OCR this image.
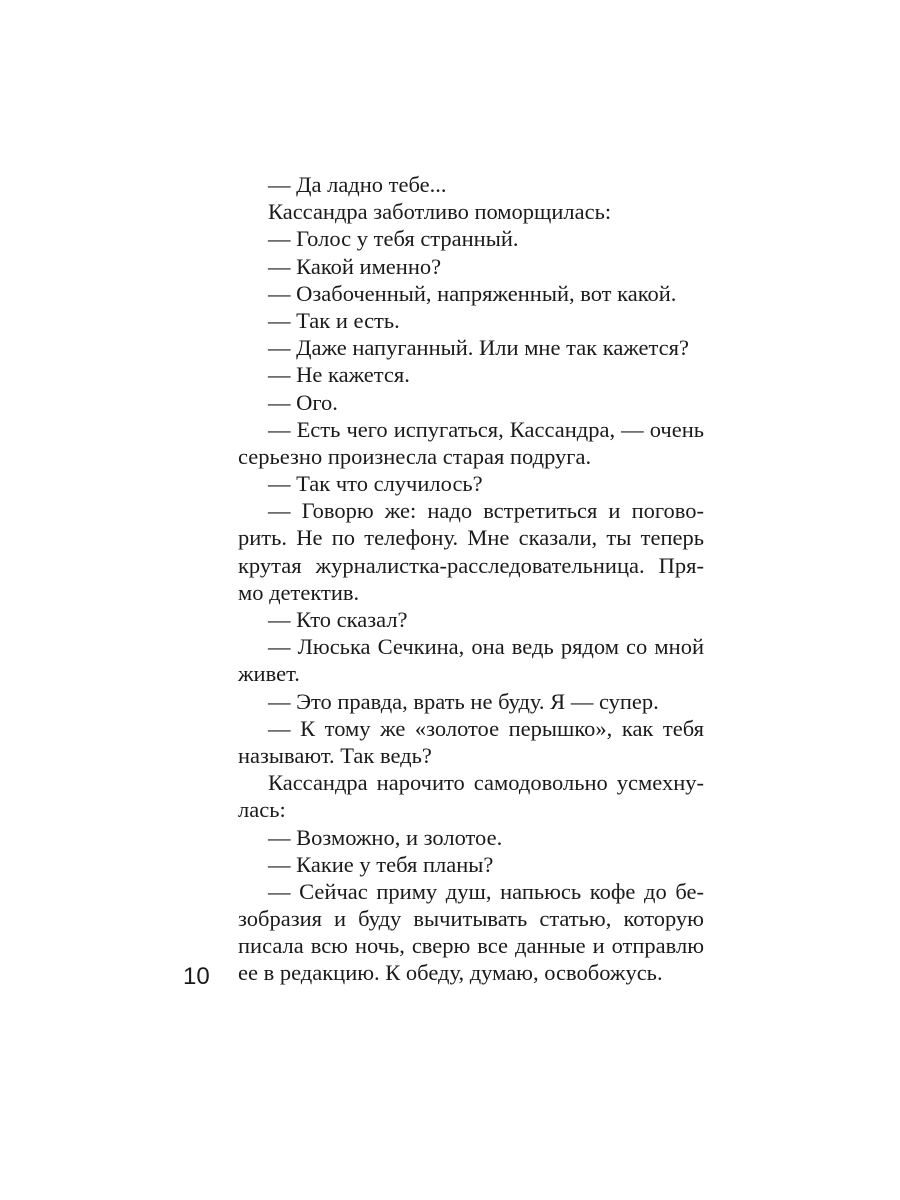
— Да ладно тебе...
Кассандра заботливо поморщилась:
— Голос у тебя странный.
— Какой именно?
— Озабоченный, напряженный, вот какой.
— Так и есть.
— Даже напуганный. Или мне так кажется?
— Не кажется.
— Ого.
— Есть чего испугаться, Кассандра, — очень
серьезно произнесла старая подруга.
— Так что случилось?
— Говорю же: надо встретиться и погово-
рить. Не по телефону. Мне сказали, ты теперь
крутая журналистка-расследовательница. Пря-
мо детектив.
— Кто сказал?
— Люська Сечкина, она ведь рядом со мной
живет.
— Это правда, врать не буду. Я — супер.
— К тому же «золотое перышко», как тебя
называют. Так ведь?
Кассандра нарочито самодовольно усмехну-
лась:
— Возможно, и золотое.
— Какие у тебя планы?
— Сейчас приму душ, напьюсь кофе до бе-
зобразия и буду вычитывать статью, которую
писала всю ночь, сверю все данные и отправлю
ее в редакцию. К обеду, думаю, освобожусь.
10
